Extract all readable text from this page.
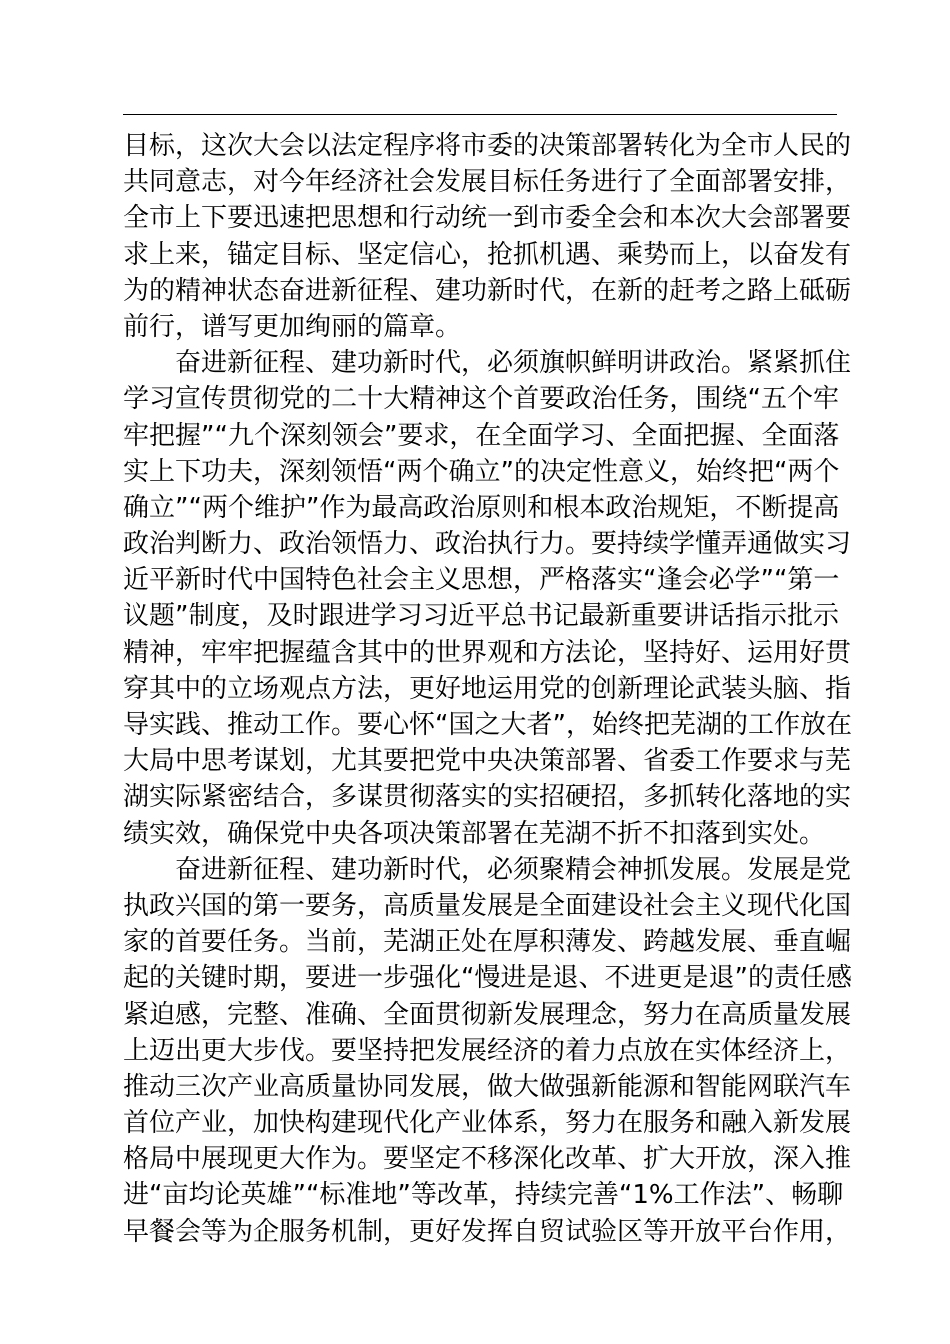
目标，这次大会以法定程序将市委的决策部署转化为全市人民的
共同意志，对今年经济社会发展目标任务进行了全面部署安排，
全市上下要迅速把思想和行动统一到市委全会和本次大会部署要
求上来，锚定目标、坚定信心，抢抓机遇、乘势而上，以奋发有
为的精神状态奋进新征程、建功新时代，在新的赶考之路上砥砺
前行，谱写更加绚丽的篇章。
　　奋进新征程、建功新时代，必须旗帜鲜明讲政治。紧紧抓住
学习宣传贯彻党的二十大精神这个首要政治任务，围绕“五个牢
牢把握”“九个深刻领会”要求，在全面学习、全面把握、全面落
实上下功夫，深刻领悟“两个确立”的决定性意义，始终把“两个
确立”“两个维护”作为最高政治原则和根本政治规矩，不断提高
政治判断力、政治领悟力、政治执行力。要持续学懂弄通做实习
近平新时代中国特色社会主义思想，严格落实“逢会必学”“第一
议题”制度，及时跟进学习习近平总书记最新重要讲话指示批示
精神，牢牢把握蕴含其中的世界观和方法论，坚持好、运用好贯
穿其中的立场观点方法，更好地运用党的创新理论武装头脑、指
导实践、推动工作。要心怀“国之大者”，始终把芜湖的工作放在
大局中思考谋划，尤其要把党中央决策部署、省委工作要求与芜
湖实际紧密结合，多谋贯彻落实的实招硬招，多抓转化落地的实
绩实效，确保党中央各项决策部署在芜湖不折不扣落到实处。
　　奋进新征程、建功新时代，必须聚精会神抓发展。发展是党
执政兴国的第一要务，高质量发展是全面建设社会主义现代化国
家的首要任务。当前，芜湖正处在厚积薄发、跨越发展、垂直崛
起的关键时期，要进一步强化“慢进是退、不进更是退”的责任感
紧迫感，完整、准确、全面贯彻新发展理念，努力在高质量发展
上迈出更大步伐。要坚持把发展经济的着力点放在实体经济上，
推动三次产业高质量协同发展，做大做强新能源和智能网联汽车
首位产业，加快构建现代化产业体系，努力在服务和融入新发展
格局中展现更大作为。要坚定不移深化改革、扩大开放，深入推
进“亩均论英雄”“标准地”等改革，持续完善“1%工作法”、畅聊
早餐会等为企服务机制，更好发挥自贸试验区等开放平台作用，
